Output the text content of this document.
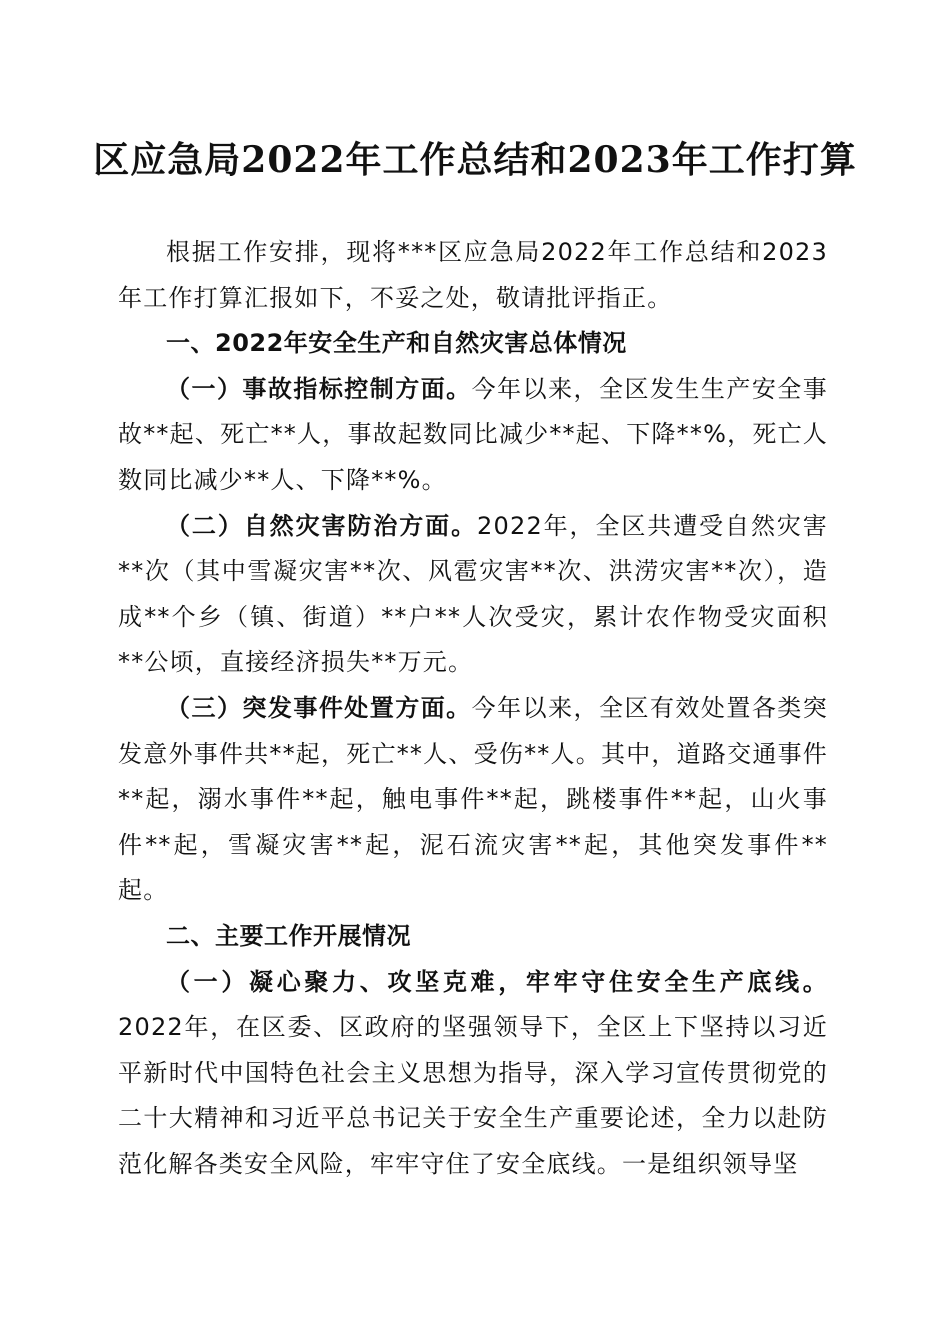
区应急局2022年工作总结和2023年工作打算

根据工作安排，现将***区应急局2022年工作总结和2023年工作打算汇报如下，不妥之处，敬请批评指正。

一、2022年安全生产和自然灾害总体情况

（一）事故指标控制方面。今年以来，全区发生生产安全事故**起、死亡**人，事故起数同比减少**起、下降**%，死亡人数同比减少**人、下降**%。

（二）自然灾害防治方面。2022年，全区共遭受自然灾害**次（其中雪凝灾害**次、风雹灾害**次、洪涝灾害**次），造成**个乡（镇、街道）**户**人次受灾，累计农作物受灾面积**公顷，直接经济损失**万元。

（三）突发事件处置方面。今年以来，全区有效处置各类突发意外事件共**起，死亡**人、受伤**人。其中，道路交通事件**起，溺水事件**起，触电事件**起，跳楼事件**起，山火事件**起，雪凝灾害**起，泥石流灾害**起，其他突发事件**起。

二、主要工作开展情况

（一）凝心聚力、攻坚克难，牢牢守住安全生产底线。2022年，在区委、区政府的坚强领导下，全区上下坚持以习近平新时代中国特色社会主义思想为指导，深入学习宣传贯彻党的二十大精神和习近平总书记关于安全生产重要论述，全力以赴防范化解各类安全风险，牢牢守住了安全底线。一是组织领导坚
